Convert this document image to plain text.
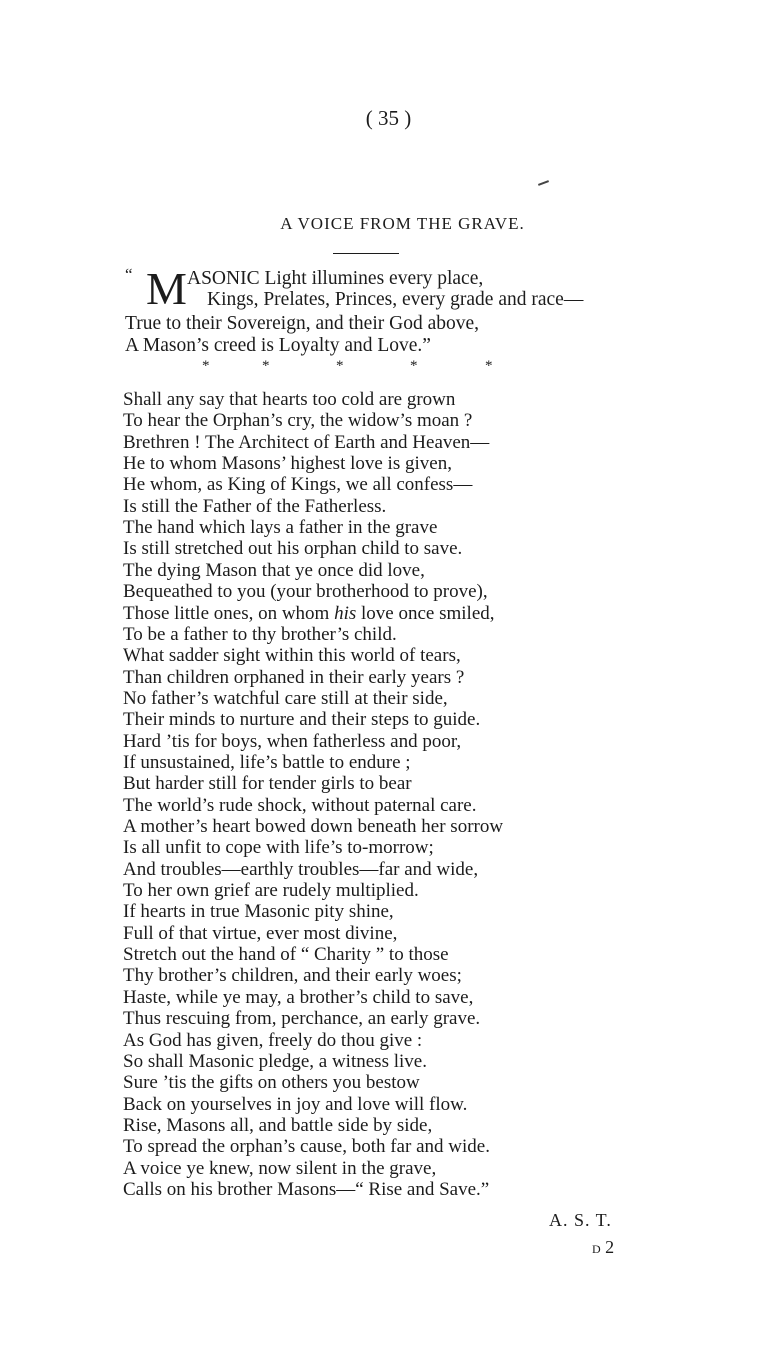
( 35 )
A VOICE FROM THE GRAVE.
“ M ASONIC Light illumines every place,
Kings, Prelates, Princes, every grade and race—
True to their Sovereign, and their God above,
A Mason’s creed is Loyalty and Love.”
*	*	*	*	*
Shall any say that hearts too cold are grown
To hear the Orphan’s cry, the widow’s moan ?
Brethren ! The Architect of Earth and Heaven—
He to whom Masons’ highest love is given,
He whom, as King of Kings, we all confess—
Is still the Father of the Fatherless.
The hand which lays a father in the grave
Is still stretched out his orphan child to save.
The dying Mason that ye once did love,
Bequeathed to you (your brotherhood to prove),
Those little ones, on whom his love once smiled,
To be a father to thy brother’s child.
What sadder sight within this world of tears,
Than children orphaned in their early years ?
No father’s watchful care still at their side,
Their minds to nurture and their steps to guide.
Hard ’tis for boys, when fatherless and poor,
If unsustained, life’s battle to endure ;
But harder still for tender girls to bear
The world’s rude shock, without paternal care.
A mother’s heart bowed down beneath her sorrow
Is all unfit to cope with life’s to-morrow;
And troubles—earthly troubles—far and wide,
To her own grief are rudely multiplied.
If hearts in true Masonic pity shine,
Full of that virtue, ever most divine,
Stretch out the hand of “ Charity ” to those
Thy brother’s children, and their early woes;
Haste, while ye may, a brother’s child to save,
Thus rescuing from, perchance, an early grave.
As God has given, freely do thou give :
So shall Masonic pledge, a witness live.
Sure ’tis the gifts on others you bestow
Back on yourselves in joy and love will flow.
Rise, Masons all, and battle side by side,
To spread the orphan’s cause, both far and wide.
A voice ye knew, now silent in the grave,
Calls on his brother Masons—“ Rise and Save.”
A. S. T.
D 2
